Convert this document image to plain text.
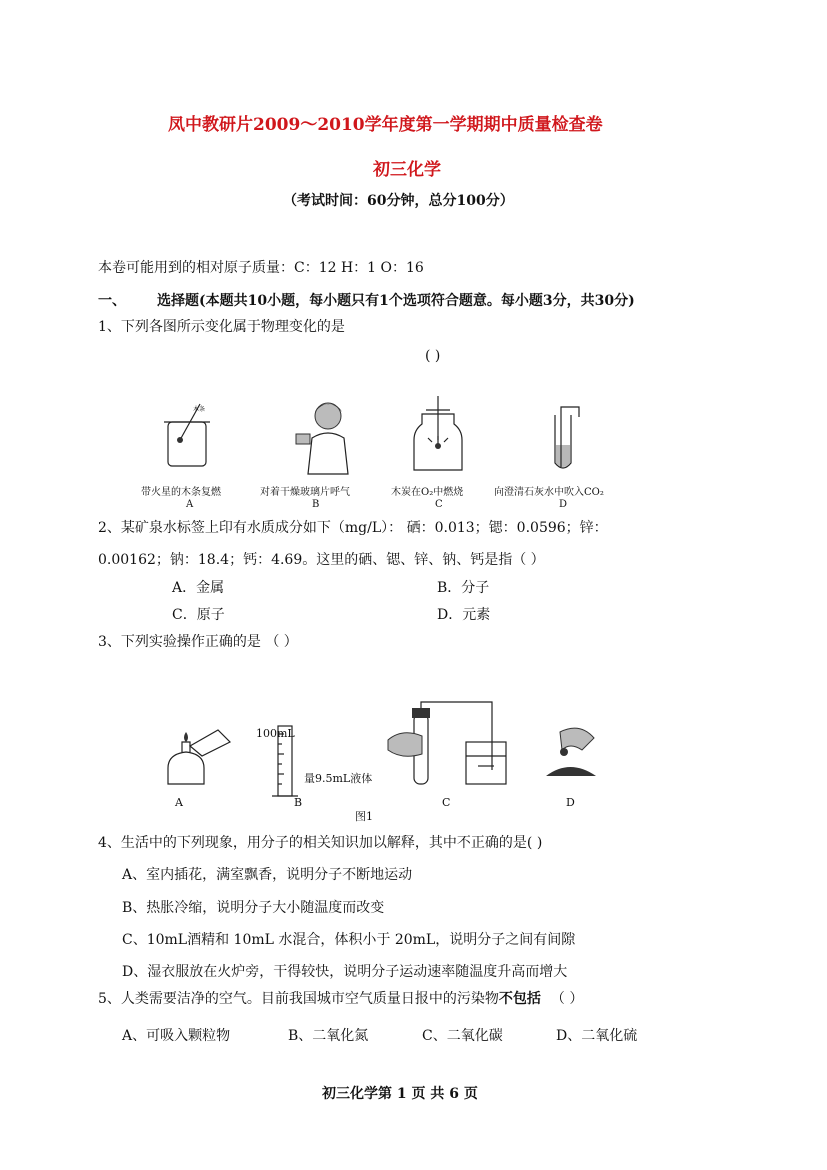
凤中教研片2009～2010学年度第一学期期中质量检查卷
初三化学
（考试时间：60分钟，总分100分）
本卷可能用到的相对原子质量：C：12 H：1 O：16
一、 选择题(本题共10小题，每小题只有1个选项符合题意。每小题3分，共30分)
1、下列各图所示变化属于物理变化的是
( )
木条
带火星的木条复燃	对着干燥玻璃片呼气	木炭在O₂中燃烧	向澄清石灰水中吹入CO₂
A	B	C	D
2、某矿泉水标签上印有水质成分如下（mg/L）： 硒：0.013；锶：0.0596；锌：
0.00162；钠：18.4；钙：4.69。这里的硒、锶、锌、钠、钙是指（ ）
A．金属	B．分子
C．原子	D．元素
3、下列实验操作正确的是 （ ）
100mL
量9.5mL液体
A	B	C	D
图1
4、生活中的下列现象，用分子的相关知识加以解释，其中不正确的是( )
A、室内插花，满室飘香，说明分子不断地运动
B、热胀冷缩，说明分子大小随温度而改变
C、10mL酒精和 10mL 水混合，体积小于 20mL，说明分子之间有间隙
D、湿衣服放在火炉旁，干得较快，说明分子运动速率随温度升高而增大
5、人类需要洁净的空气。目前我国城市空气质量日报中的污染物不包括 （ ）
A、可吸入颗粒物	B、二氧化氮	C、二氧化碳	D、二氧化硫
初三化学第 1 页 共 6 页
